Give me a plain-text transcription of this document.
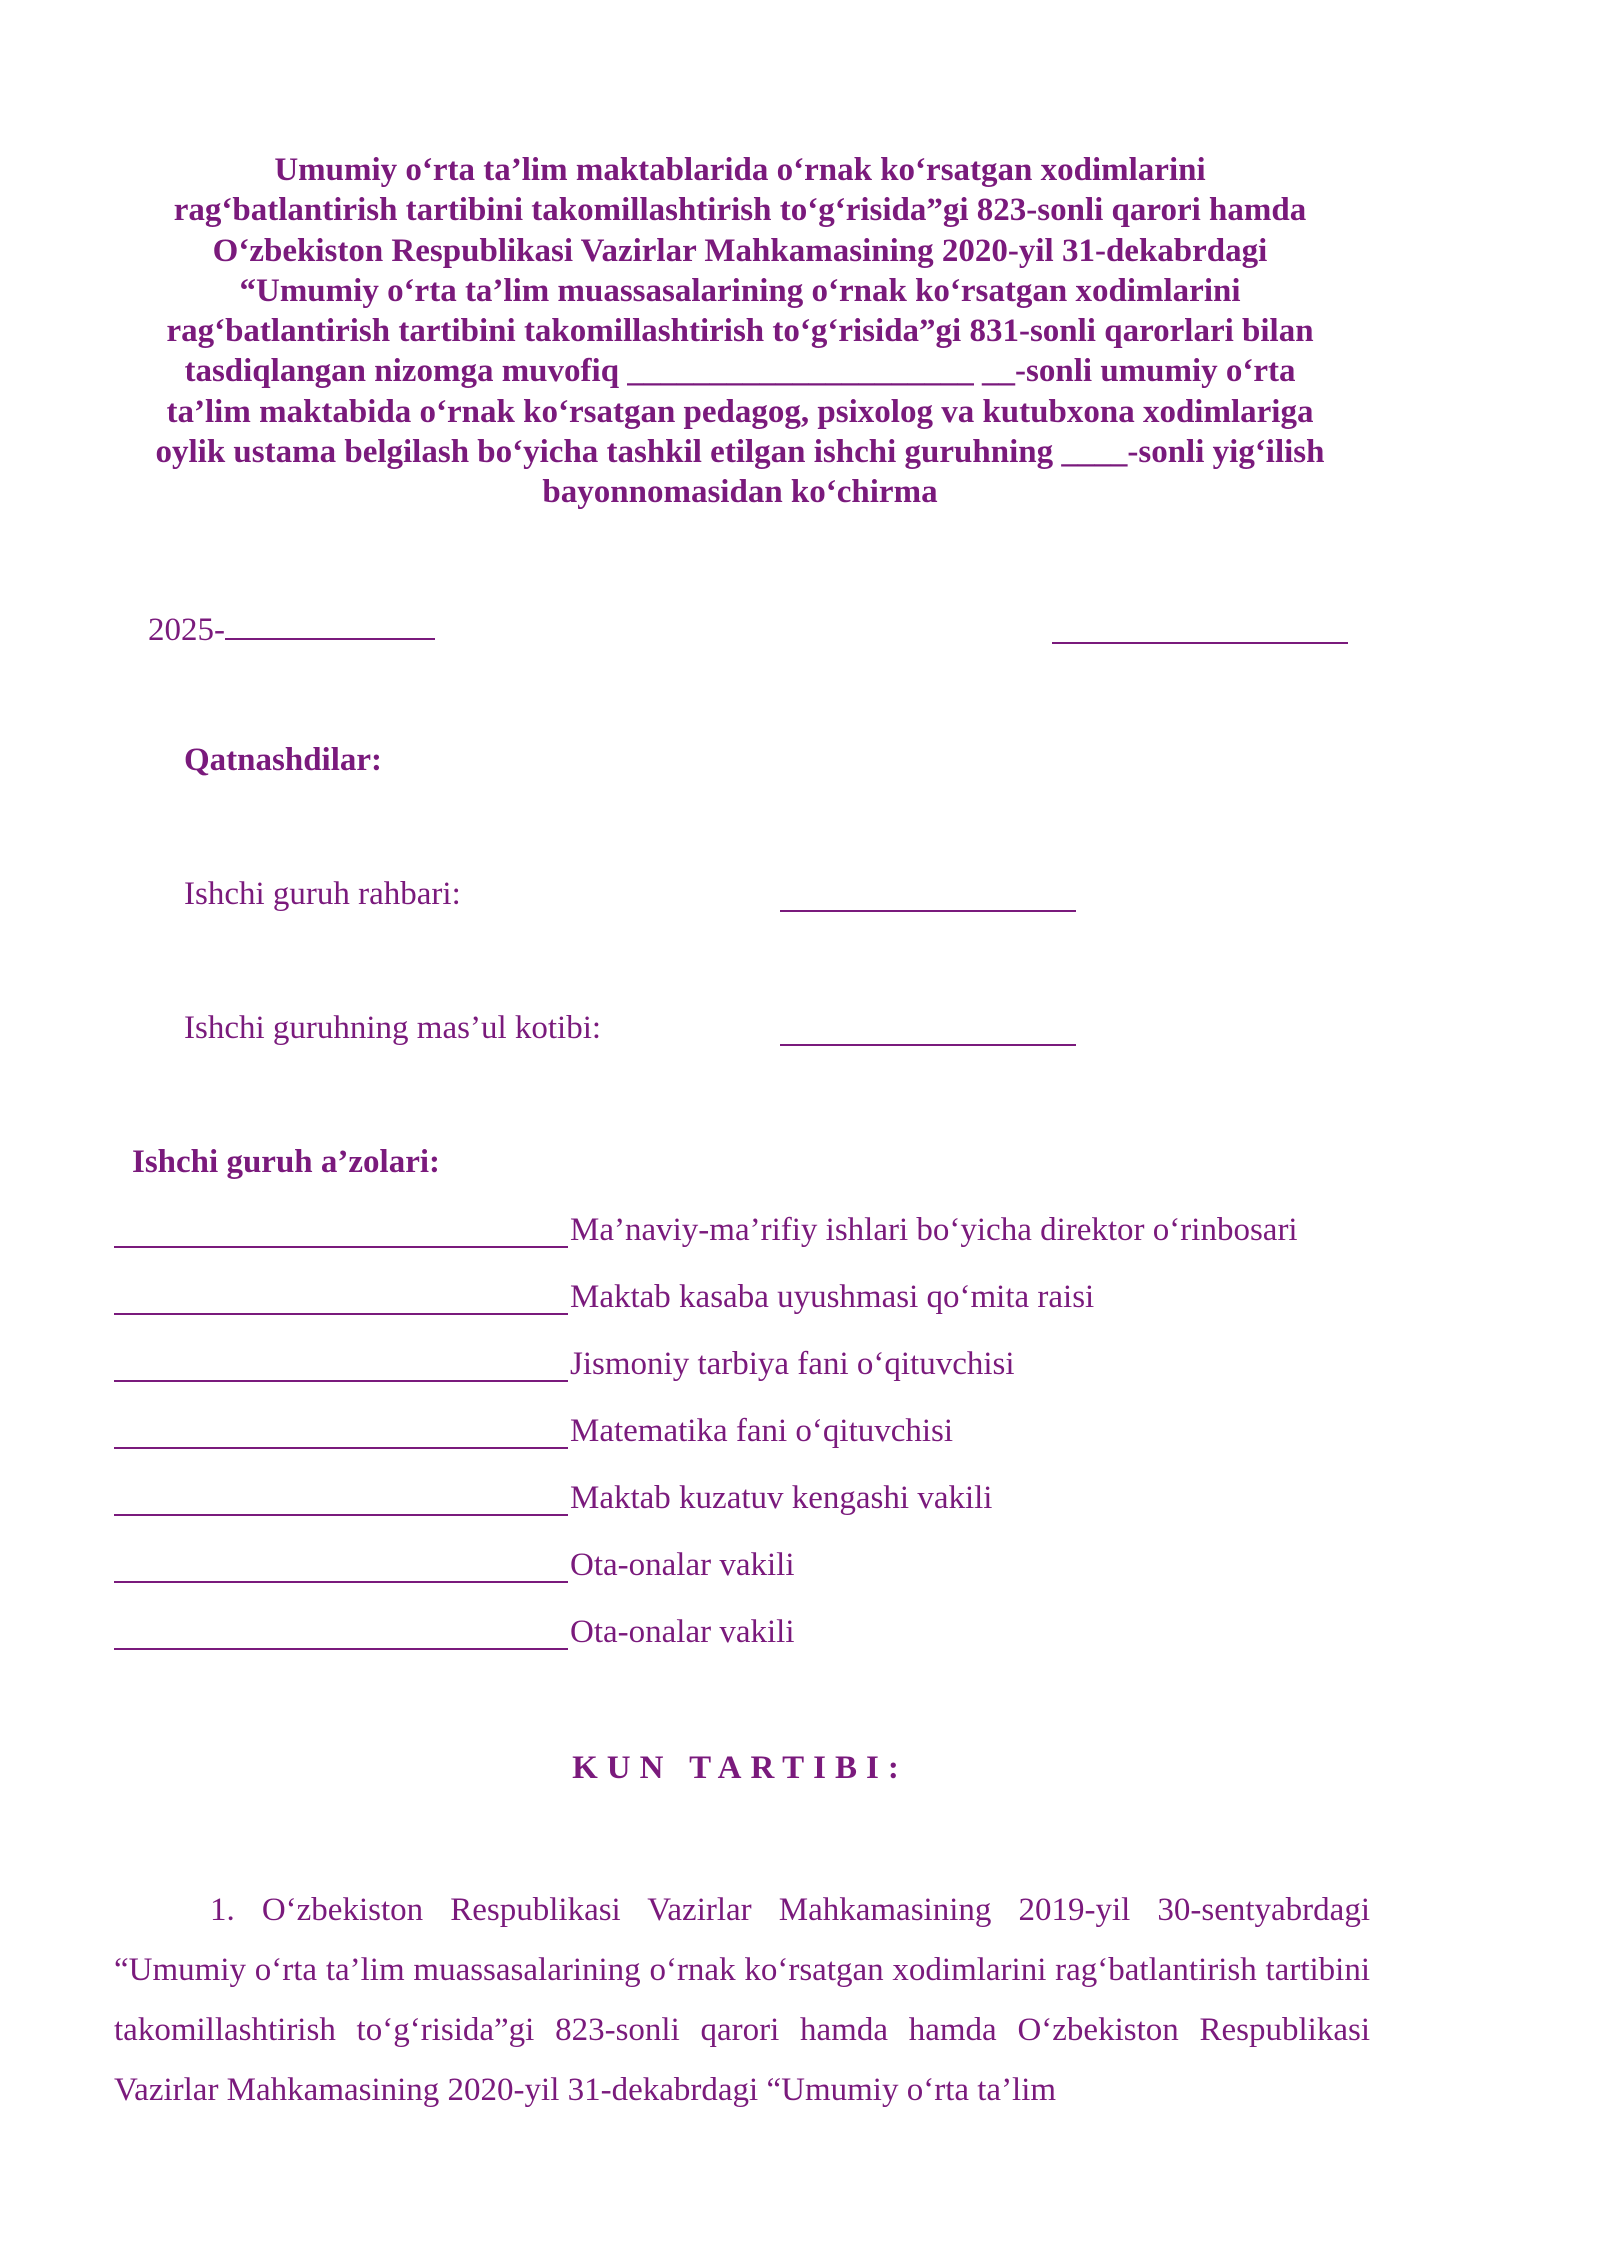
Umumiy o‘rta ta’lim maktablarida o‘rnak ko‘rsatgan xodimlarini
rag‘batlantirish tartibini takomillashtirish to‘g‘risida”gi 823-sonli qarori hamda
O‘zbekiston Respublikasi Vazirlar Mahkamasining 2020-yil 31-dekabrdagi
“Umumiy o‘rta ta’lim muassasalarining o‘rnak ko‘rsatgan xodimlarini
rag‘batlantirish tartibini takomillashtirish to‘g‘risida”gi 831-sonli qarorlari bilan
tasdiqlangan nizomga muvofiq _____________________ __-sonli umumiy o‘rta
ta’lim maktabida o‘rnak ko‘rsatgan pedagog, psixolog va kutubxona xodimlariga
oylik ustama belgilash bo‘yicha tashkil etilgan ishchi guruhning ____-sonli yig‘ilish
bayonnomasidan ko‘chirma
2025-
Qatnashdilar:
Ishchi guruh rahbari:
Ishchi guruhning mas’ul kotibi:
Ishchi guruh a’zolari:
Ma’naviy-ma’rifiy ishlari bo‘yicha direktor o‘rinbosari
Maktab kasaba uyushmasi qo‘mita raisi
Jismoniy tarbiya fani o‘qituvchisi
Matematika fani o‘qituvchisi
Maktab kuzatuv kengashi vakili
Ota-onalar vakili
Ota-onalar vakili
KUN TARTIBI:
1. O‘zbekiston Respublikasi Vazirlar Mahkamasining 2019-yil 30-sentyabrdagi “Umumiy o‘rta ta’lim muassasalarining o‘rnak ko‘rsatgan xodimlarini rag‘batlantirish tartibini takomillashtirish to‘g‘risida”gi 823-sonli qarori hamda hamda O‘zbekiston Respublikasi Vazirlar Mahkamasining 2020-yil 31-dekabrdagi “Umumiy o‘rta ta’lim
